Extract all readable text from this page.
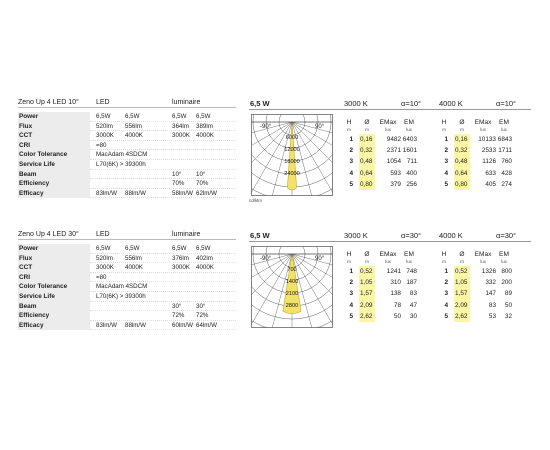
Zeno Up 4 LED 10° LED	luminaire
Power	6,5W 6,5W	6,5W 6,5W
Flux	520lm 556lm	364lm 389lm
CCT	3000K 4000K	3000K 4000K
CRI	=80
Color Tolerance	MacAdam 4SDCM
Service Life	L70(6K) > 39300h
Beam	10° 10°
Efficiency	70% 70%
Efficacy	83lm/W 88lm/W	58lm/W 62lm/W
6,5 W	3000 K	α=10° 4000 K	α=10°
-90°	90°
6000
12000
18000
24000
cd/klm
H
m
Ø
m
EMax
lux
EM
lux
1 0,16	9482 6403
2 0,32	2371 1601
3 0,48	1054 711
4 0,64	593 400
5 0,80	379 256
H
m
Ø
m
EMax
lux
EM
lux
1 0,16	10133 6843
2 0,32	2533 1711
3 0,48	1126 760
4 0,64	633 428
5 0,80	405 274
Zeno Up 4 LED 30° LED	luminaire
Power	6,5W 6,5W	6,5W 6,5W
Flux	520lm 556lm	376lm 402lm
CCT	3000K 4000K	3000K 4000K
CRI	=80
Color Tolerance	MacAdam 4SDCM
Service Life	L70(6K) > 39300h
Beam	30° 30°
Efficiency	72% 72%
Efficacy	83lm/W 88lm/W	60lm/W 64lm/W
6,5 W	3000 K	α=30° 4000 K	α=30°
-90°	90°
700
1400
2100
2800
H
m
Ø
m
EMax
lux
EM
lux
1 0,52	1241 748
2 1,05	310 187
3 1,57	138	83
4 2,09	78	47
5 2,62	50	30
H
m
Ø
m
EMax
lux
EM
lux
1 0,52	1326 800
2 1,05	332 200
3 1,57	147	89
4 2,09	83	50
5 2,62	53	32
